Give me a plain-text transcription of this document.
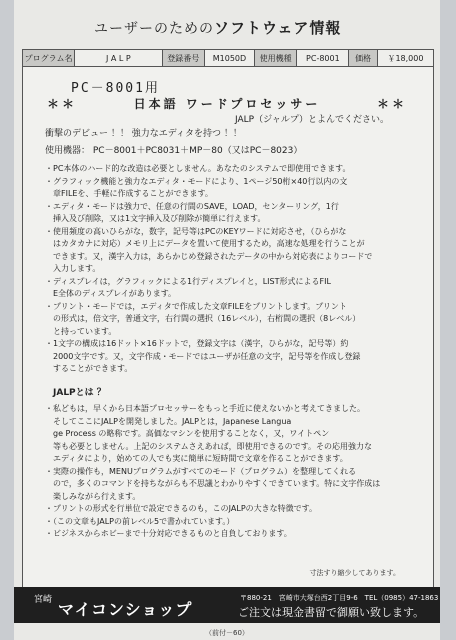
ユーザーのためのソフトウェア情報
プログラム名	J A L P	登録番号	M1050D	使用機種	PC-8001	価格	￥18,000
PC－8001用
＊＊	日本語 ワードプロセッサー	＊＊
JALP（ジャルプ）とよんでください。
衝撃のデビュー ！！ 強力なエディタを持つ ！！
使用機器： PC－8001＋PC8031＋MP－80（又はPC－8023）
・PC本体のハード的な改造は必要としません。あなたのシステムで即使用できます。
・グラフィック機能と強力なエディタ・モードにより、1ページ50桁×40行以内の文
　章FILEを、手軽に作成することができます。
・エディタ・モードは強力で、任意の行間のSAVE，LOAD，センターリング，1行
　挿入及び削除，又は1文字挿入及び削除が簡単に行えます。
・使用頻度の高いひらがな，数字，記号等はPCのKEYワードに対応させ，（ひらがな
　はカタカナに対応）メモリ上にデータを置いて使用するため，高速な処理を行うことが
　できます。又，漢字入力は，あらかじめ登録されたデータの中から対応表によりコードで
　入力します。
・ディスプレイは，グラフィックによる1行ディスプレイと，LIST形式によるFIL
　E全体のディスプレイがあります。
・プリント・モードでは，エディタで作成した文章FILEをプリントします。プリント
　の形式は，倍文字，普通文字，右行間の選択（16レベル），右桁間の選択（8レベル）
　と持っています。
・1文字の構成は16ドット×16ドットで，登録文字は（漢字，ひらがな，記号等）約
　2000文字です。又，文字作成・モードではユーザが任意の文字，記号等を作成し登録
　することができます。
JALPとは ？
・私どもは，早くから日本語プロセッサーをもっと手近に使えないかと考えてきました。
　そしてここにJALPを開発しました。JALPとは，Japanese Langua
　ge Process の略称です。高価なマシンを使用することなく，又，ワイトペン
　等も必要としません。上記のシステムさえあれば，即使用できるのです。その応用強力な
　エディタにより，始めての人でも実に簡単に短時間で文章を作ることができます。
・実際の操作も，MENUプログラムがすべてのモード（プログラム）を整理してくれる
　ので，多くのコマンドを持ちながらも不思議とわかりやすくできています。特に文字作成は
　楽しみながら行えます。
・プリントの形式を行単位で設定できるのも，このJALPの大きな特徴です。
・（この文章もJALPの前レベル5で書かれています。）
・ビジネスからホビーまで十分対応できるものと自負しております。
寸法すり縮少してあります。
宮崎 マイコンショップ
〒880-21　宮崎市大塚台西2丁目9-6　TEL（0985）47-1863
ご注文は現金書留で御願い致します。
（前付－60）
